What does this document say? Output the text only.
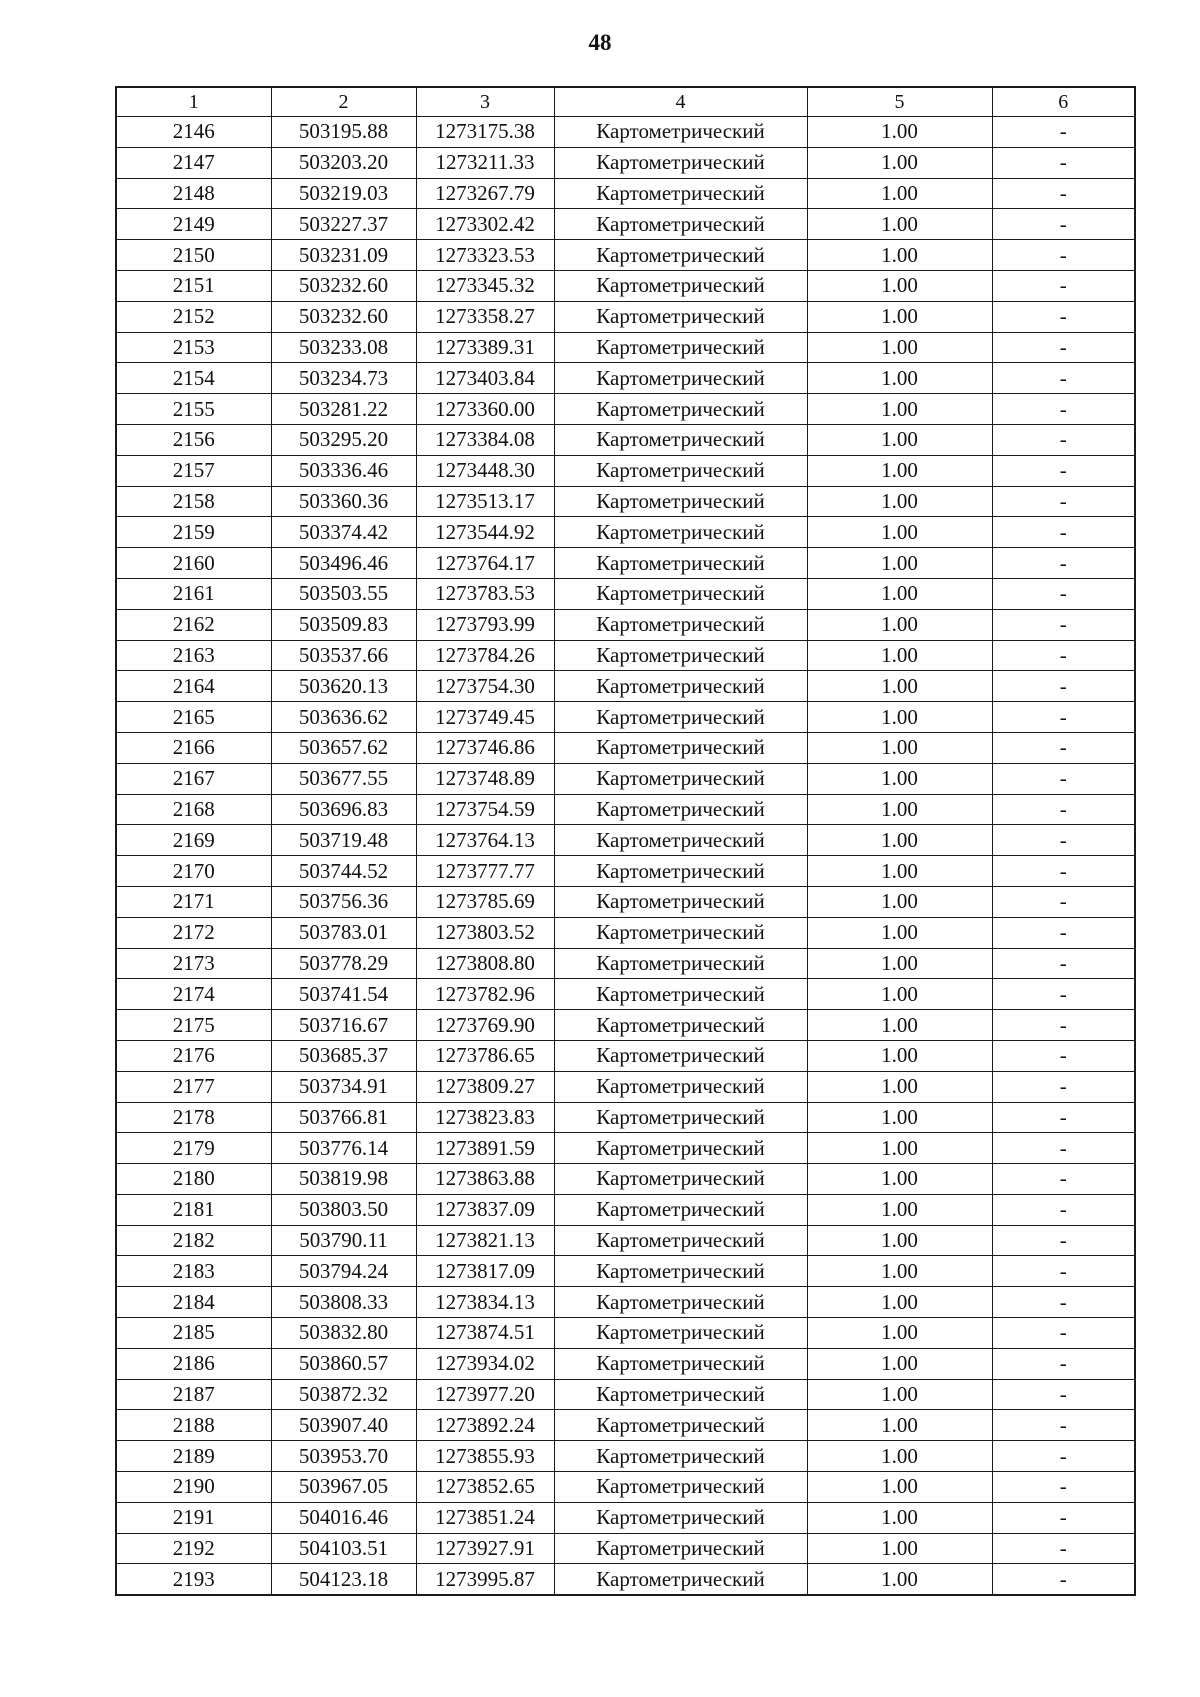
48
1	2	3	4	5	6
2146	503195.88	1273175.38	Картометрический	1.00	-
2147	503203.20	1273211.33	Картометрический	1.00	-
2148	503219.03	1273267.79	Картометрический	1.00	-
2149	503227.37	1273302.42	Картометрический	1.00	-
2150	503231.09	1273323.53	Картометрический	1.00	-
2151	503232.60	1273345.32	Картометрический	1.00	-
2152	503232.60	1273358.27	Картометрический	1.00	-
2153	503233.08	1273389.31	Картометрический	1.00	-
2154	503234.73	1273403.84	Картометрический	1.00	-
2155	503281.22	1273360.00	Картометрический	1.00	-
2156	503295.20	1273384.08	Картометрический	1.00	-
2157	503336.46	1273448.30	Картометрический	1.00	-
2158	503360.36	1273513.17	Картометрический	1.00	-
2159	503374.42	1273544.92	Картометрический	1.00	-
2160	503496.46	1273764.17	Картометрический	1.00	-
2161	503503.55	1273783.53	Картометрический	1.00	-
2162	503509.83	1273793.99	Картометрический	1.00	-
2163	503537.66	1273784.26	Картометрический	1.00	-
2164	503620.13	1273754.30	Картометрический	1.00	-
2165	503636.62	1273749.45	Картометрический	1.00	-
2166	503657.62	1273746.86	Картометрический	1.00	-
2167	503677.55	1273748.89	Картометрический	1.00	-
2168	503696.83	1273754.59	Картометрический	1.00	-
2169	503719.48	1273764.13	Картометрический	1.00	-
2170	503744.52	1273777.77	Картометрический	1.00	-
2171	503756.36	1273785.69	Картометрический	1.00	-
2172	503783.01	1273803.52	Картометрический	1.00	-
2173	503778.29	1273808.80	Картометрический	1.00	-
2174	503741.54	1273782.96	Картометрический	1.00	-
2175	503716.67	1273769.90	Картометрический	1.00	-
2176	503685.37	1273786.65	Картометрический	1.00	-
2177	503734.91	1273809.27	Картометрический	1.00	-
2178	503766.81	1273823.83	Картометрический	1.00	-
2179	503776.14	1273891.59	Картометрический	1.00	-
2180	503819.98	1273863.88	Картометрический	1.00	-
2181	503803.50	1273837.09	Картометрический	1.00	-
2182	503790.11	1273821.13	Картометрический	1.00	-
2183	503794.24	1273817.09	Картометрический	1.00	-
2184	503808.33	1273834.13	Картометрический	1.00	-
2185	503832.80	1273874.51	Картометрический	1.00	-
2186	503860.57	1273934.02	Картометрический	1.00	-
2187	503872.32	1273977.20	Картометрический	1.00	-
2188	503907.40	1273892.24	Картометрический	1.00	-
2189	503953.70	1273855.93	Картометрический	1.00	-
2190	503967.05	1273852.65	Картометрический	1.00	-
2191	504016.46	1273851.24	Картометрический	1.00	-
2192	504103.51	1273927.91	Картометрический	1.00	-
2193	504123.18	1273995.87	Картометрический	1.00	-
